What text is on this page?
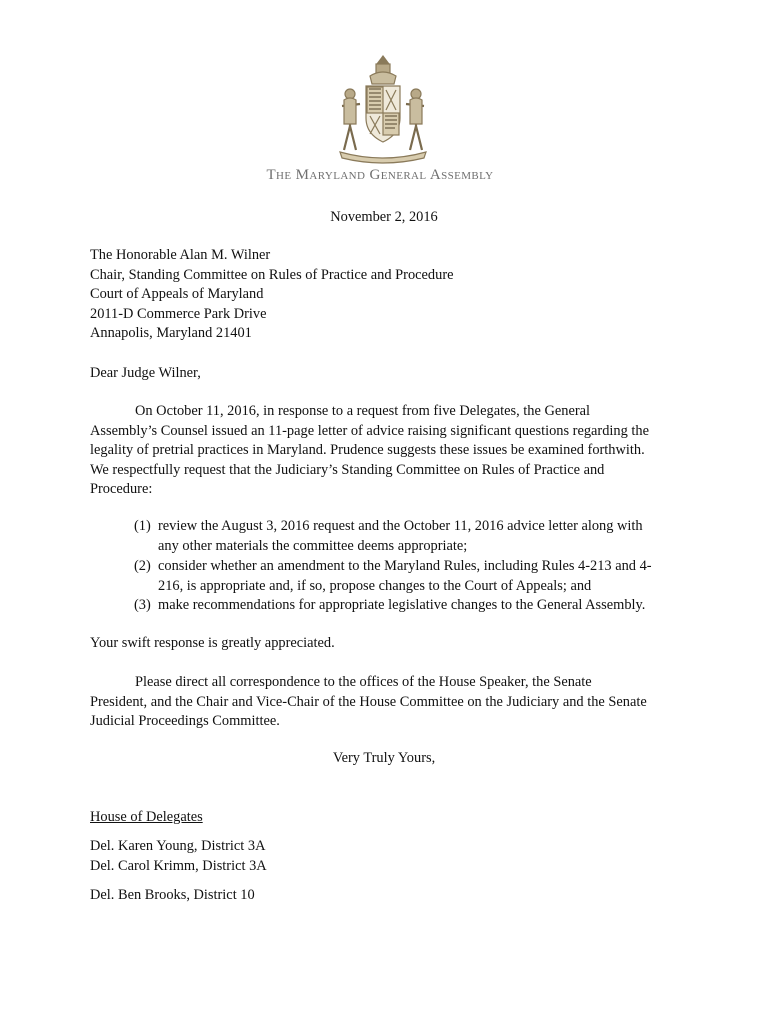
The Maryland General Assembly
November 2, 2016
The Honorable Alan M. Wilner
Chair, Standing Committee on Rules of Practice and Procedure
Court of Appeals of Maryland
2011-D Commerce Park Drive
Annapolis, Maryland 21401
Dear Judge Wilner,
On October 11, 2016, in response to a request from five Delegates, the General
Assembly’s Counsel issued an 11-page letter of advice raising significant questions regarding the
legality of pretrial practices in Maryland. Prudence suggests these issues be examined forthwith.
We respectfully request that the Judiciary’s Standing Committee on Rules of Practice and
Procedure:
(1) review the August 3, 2016 request and the October 11, 2016 advice letter along with
any other materials the committee deems appropriate;
(2) consider whether an amendment to the Maryland Rules, including Rules 4-213 and 4-
216, is appropriate and, if so, propose changes to the Court of Appeals; and
(3) make recommendations for appropriate legislative changes to the General Assembly.
Your swift response is greatly appreciated.
Please direct all correspondence to the offices of the House Speaker, the Senate
President, and the Chair and Vice-Chair of the House Committee on the Judiciary and the Senate
Judicial Proceedings Committee.
Very Truly Yours,
House of Delegates
Del. Karen Young, District 3A
Del. Carol Krimm, District 3A
Del. Ben Brooks, District 10
